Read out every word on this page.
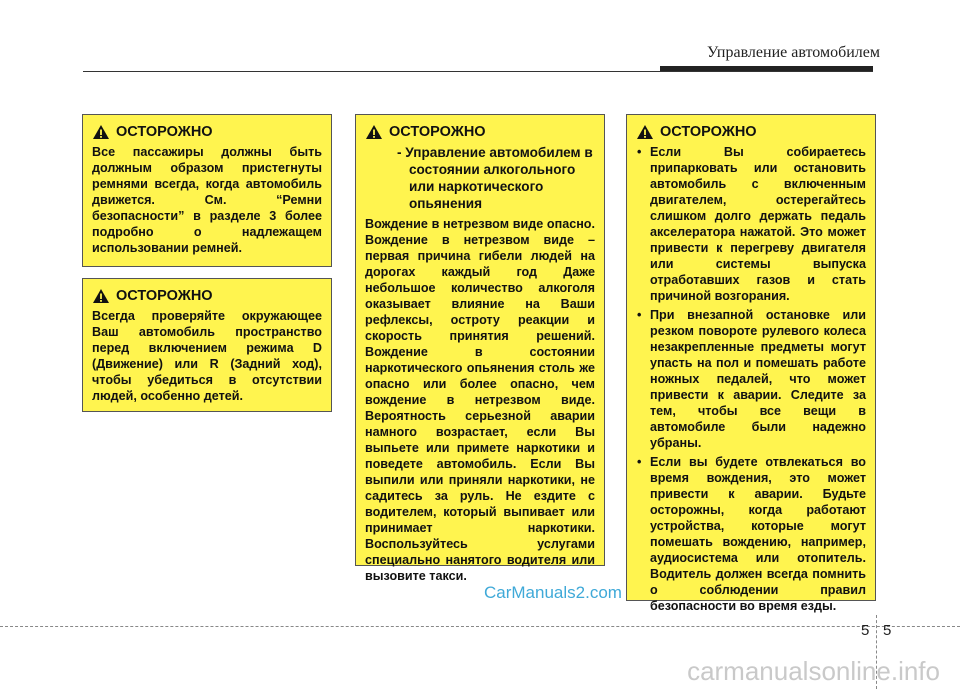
Управление автомобилем
ОСТОРОЖНО

Все пассажиры должны быть должным образом пристегнуты ремнями всегда, когда автомобиль движется. См. “Ремни безопасности” в разделе 3 более подробно о надлежащем использовании ремней.

ОСТОРОЖНО

Всегда проверяйте окружающее Ваш автомобиль пространство перед включением режима D (Движение) или R (Задний ход), чтобы убедиться в отсутствии людей, особенно детей.

ОСТОРОЖНО

- Управление автомобилем в состоянии алкогольного или наркотического опьянения

Вождение в нетрезвом виде опасно. Вождение в нетрезвом виде – первая причина гибели людей на дорогах каждый год Даже небольшое количество алкоголя оказывает влияние на Ваши рефлексы, остроту реакции и скорость принятия решений. Вождение в состоянии наркотического опьянения столь же опасно или более опасно, чем вождение в нетрезвом виде. Вероятность серьезной аварии намного возрастает, если Вы выпьете или примете наркотики и поведете автомобиль. Если Вы выпили или приняли наркотики, не садитесь за руль. Не ездите с водителем, который выпивает или принимает наркотики. Воспользуйтесь услугами специально нанятого водителя или вызовите такси.

ОСТОРОЖНО
• Если Вы собираетесь припарковать или остановить автомобиль с включенным двигателем, остерегайтесь слишком долго держать педаль акселератора нажатой. Это может привести к перегреву двигателя или системы выпуска отработавших газов и стать причиной возгорания.
• При внезапной остановке или резком повороте рулевого колеса незакрепленные предметы могут упасть на пол и помешать работе ножных педалей, что может привести к аварии. Следите за тем, чтобы все вещи в автомобиле были надежно убраны.
• Если вы будете отвлекаться во время вождения, это может привести к аварии. Будьте осторожны, когда работают устройства, которые могут помешать вождению, например, аудиосистема или отопитель. Водитель должен всегда помнить о соблюдении правил безопасности во время езды.
CarManuals2.com
5 5
carmanualsonline.info
